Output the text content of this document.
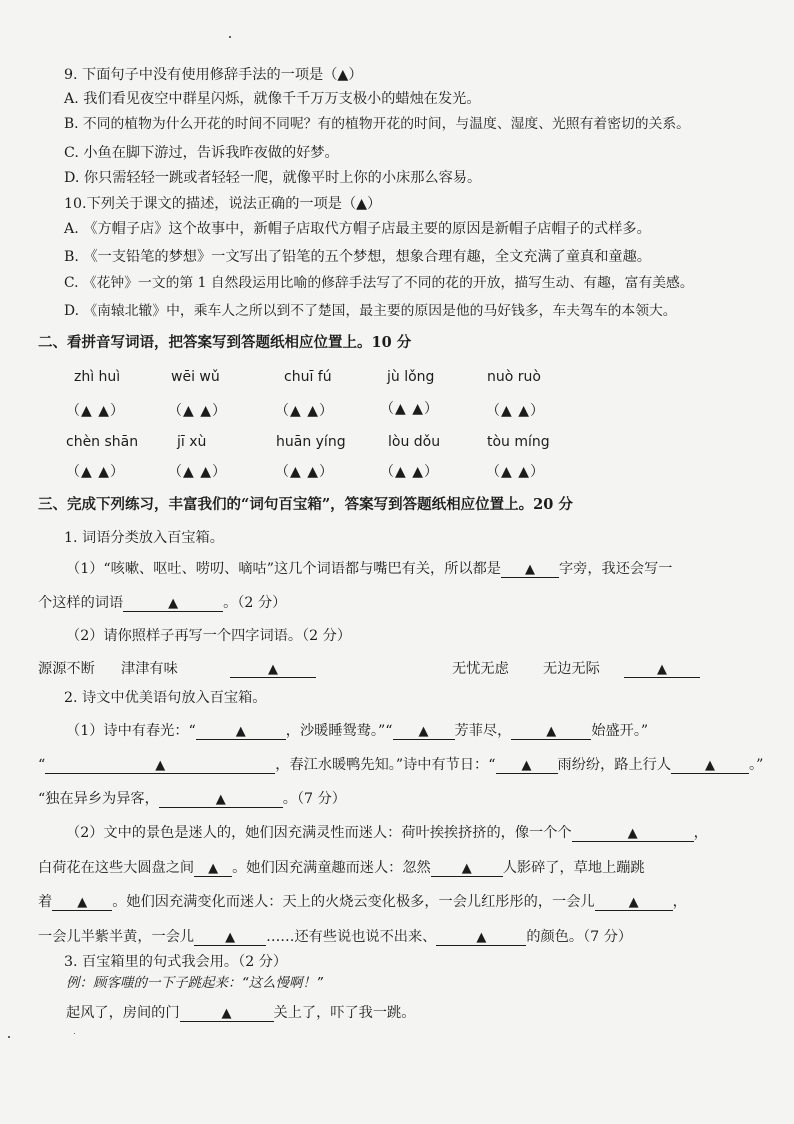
9. 下面句子中没有使用修辞手法的一项是（▲）
A. 我们看见夜空中群星闪烁，就像千千万万支极小的蜡烛在发光。
B. 不同的植物为什么开花的时间不同呢？有的植物开花的时间，与温度、湿度、光照有着密切的关系。
C. 小鱼在脚下游过，告诉我昨夜做的好梦。
D. 你只需轻轻一跳或者轻轻一爬，就像平时上你的小床那么容易。
10.下列关于课文的描述，说法正确的一项是（▲）
A. 《方帽子店》这个故事中，新帽子店取代方帽子店最主要的原因是新帽子店帽子的式样多。
B. 《一支铅笔的梦想》一文写出了铅笔的五个梦想，想象合理有趣，全文充满了童真和童趣。
C. 《花钟》一文的第 1 自然段运用比喻的修辞手法写了不同的花的开放，描写生动、有趣，富有美感。
D. 《南辕北辙》中，乘车人之所以到不了楚国，最主要的原因是他的马好钱多，车夫驾车的本领大。
二、看拼音写词语，把答案写到答题纸相应位置上。10 分
zhì huì	wēi wǔ	chuī fú	jù lǒng	nuò ruò
（▲ ▲）	（▲ ▲）	（▲ ▲）	（▲ ▲）	（▲ ▲）
chèn shān	jī xù	huān yíng	lòu dǒu	tòu míng
（▲ ▲）	（▲ ▲）	（▲ ▲）	（▲ ▲）	（▲ ▲）
三、完成下列练习，丰富我们的“词句百宝箱”，答案写到答题纸相应位置上。20 分
1. 词语分类放入百宝箱。
（1）“咳嗽、呕吐、唠叨、嘀咕”这几个词语都与嘴巴有关，所以都是 ▲ 字旁，我还会写一
个这样的词语	▲	。（2 分）
（2）请你照样子再写一个四字词语。（2 分）
源源不断 津津有味	▲	无忧无虑 无边无际	▲
2. 诗文中优美语句放入百宝箱。
（1）诗中有春光：“	▲	，沙暖睡鸳鸯。”“ ▲ 芳菲尽，	▲ 始盛开。”
“	▲	，春江水暖鸭先知。”诗中有节日：“ ▲ 雨纷纷，路上行人	▲ 。”
“独在异乡为异客，	▲	。（7 分）
（2）文中的景色是迷人的，她们因充满灵性而迷人：荷叶挨挨挤挤的，像一个个	▲	，
白荷花在这些大圆盘之间 ▲ 。她们因充满童趣而迷人：忽然 ▲ 人影碎了，草地上蹦跳
着 ▲ 。她们因充满变化而迷人：天上的火烧云变化极多，一会儿红彤彤的，一会儿	▲ ，
一会儿半紫半黄，一会儿 ▲ ……还有些说也说不出来、	▲	的颜色。（7 分）
3. 百宝箱里的句式我会用。（2 分）
例：顾客嗤的一下子跳起来：“这么慢啊！”
起风了，房间的门	▲	关上了，吓了我一跳。
